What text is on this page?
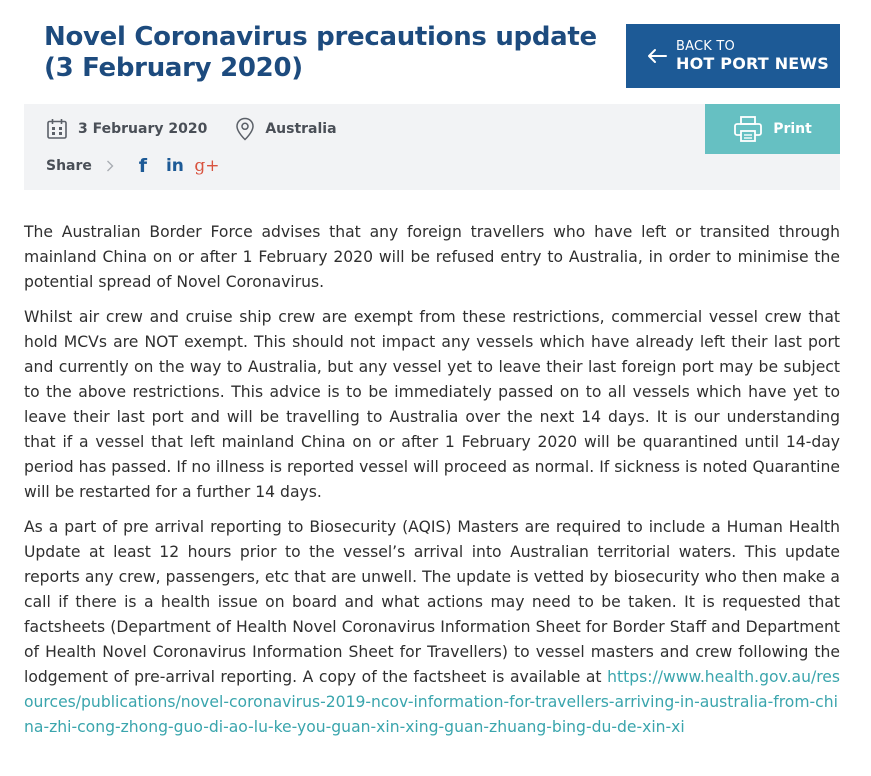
Novel Coronavirus precautions update (3 February 2020)
BACK TO
HOT PORT NEWS
3 February 2020	Australia
Share	f	in g+
Print

The Australian Border Force advises that any foreign travellers who have left or transited through mainland China on or after 1 February 2020 will be refused entry to Australia, in order to minimise the potential spread of Novel Coronavirus.

Whilst air crew and cruise ship crew are exempt from these restrictions, commercial vessel crew that hold MCVs are NOT exempt. This should not impact any vessels which have already left their last port and currently on the way to Australia, but any vessel yet to leave their last foreign port may be subject to the above restrictions. This advice is to be immediately passed on to all vessels which have yet to leave their last port and will be travelling to Australia over the next 14 days. It is our understanding that if a vessel that left mainland China on or after 1 February 2020 will be quarantined until 14-day period has passed. If no illness is reported vessel will proceed as normal. If sickness is noted Quarantine will be restarted for a further 14 days.

As a part of pre arrival reporting to Biosecurity (AQIS) Masters are required to include a Human Health Update at least 12 hours prior to the vessel’s arrival into Australian territorial waters. This update reports any crew, passengers, etc that are unwell. The update is vetted by biosecurity who then make a call if there is a health issue on board and what actions may need to be taken. It is requested that factsheets (Department of Health Novel Coronavirus Information Sheet for Border Staff and Department of Health Novel Coronavirus Information Sheet for Travellers) to vessel masters and crew following the lodgement of pre-arrival reporting. A copy of the factsheet is available at https://www.health.gov.au/resources/publications/novel-coronavirus-2019-ncov-information-for-travellers-arriving-in-australia-from-china-zhi-cong-zhong-guo-di-ao-lu-ke-you-guan-xin-xing-guan-zhuang-bing-du-de-xin-xi
